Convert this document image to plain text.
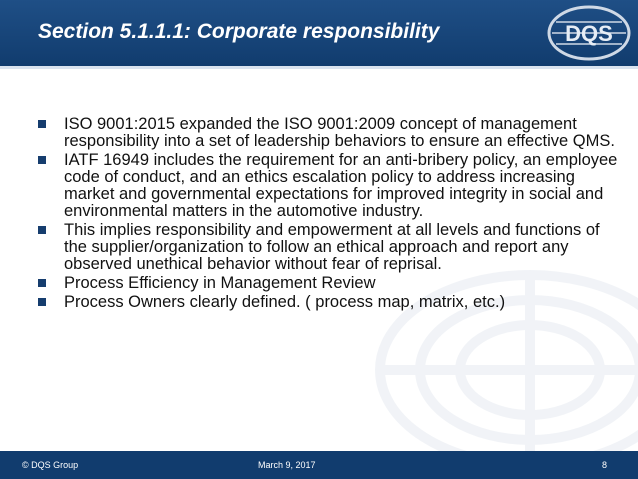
Section 5.1.1.1: Corporate responsibility	DQS
ISO 9001:2015 expanded the ISO 9001:2009 concept of management responsibility into a set of leadership behaviors to ensure an effective QMS.
IATF 16949 includes the requirement for an anti-bribery policy, an employee code of conduct, and an ethics escalation policy to address increasing market and governmental expectations for improved integrity in social and environmental matters in the automotive industry.
This implies responsibility and empowerment at all levels and functions of the supplier/organization to follow an ethical approach and report any observed unethical behavior without fear of reprisal.
Process Efficiency in Management Review
Process Owners clearly defined. ( process map, matrix, etc.)
© DQS Group	March 9, 2017	8
